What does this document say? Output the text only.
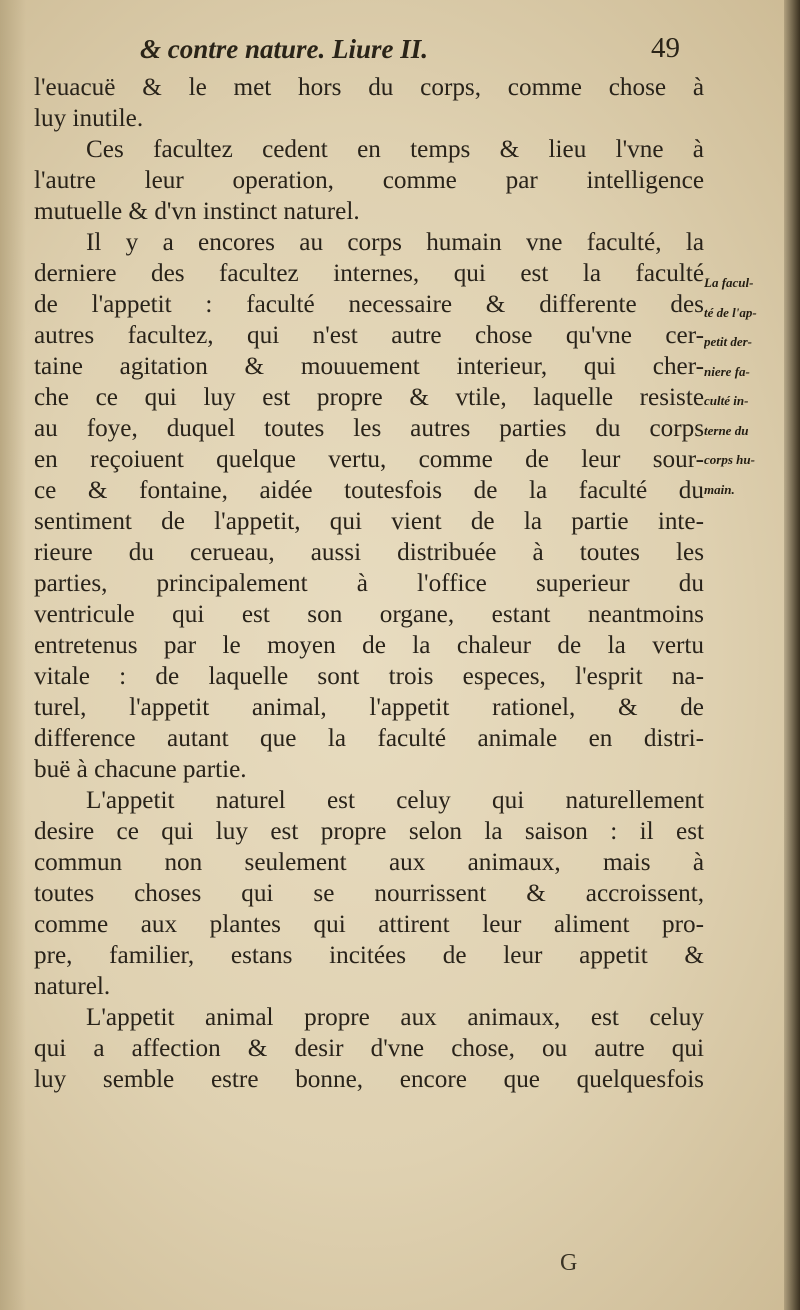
& contre nature. Liure II.	49
l'euacuë & le met hors du corps, comme chose à
luy inutile.
Ces facultez cedent en temps & lieu l'vne à
l'autre leur operation, comme par intelligence
mutuelle & d'vn instinct naturel.
Il y a encores au corps humain vne faculté, la
derniere des facultez internes, qui est la faculté
de l'appetit : faculté necessaire & differente des
autres facultez, qui n'est autre chose qu'vne cer-
taine agitation & mouuement interieur, qui cher-
che ce qui luy est propre & vtile, laquelle resiste
au foye, duquel toutes les autres parties du corps
en reçoiuent quelque vertu, comme de leur sour-
ce & fontaine, aidée toutesfois de la faculté du
sentiment de l'appetit, qui vient de la partie inte-
rieure du cerueau, aussi distribuée à toutes les
parties, principalement à l'office superieur du
ventricule qui est son organe, estant neantmoins
entretenus par le moyen de la chaleur de la vertu
vitale : de laquelle sont trois especes, l'esprit na-
turel, l'appetit animal, l'appetit rationel, & de
difference autant que la faculté animale en distri-
buë à chacune partie.
L'appetit naturel est celuy qui naturellement
desire ce qui luy est propre selon la saison : il est
commun non seulement aux animaux, mais à
toutes choses qui se nourrissent & accroissent,
comme aux plantes qui attirent leur aliment pro-
pre, familier, estans incitées de leur appetit &
naturel.
L'appetit animal propre aux animaux, est celuy
qui a affection & desir d'vne chose, ou autre qui
luy semble estre bonne, encore que quelquesfois
La facul-
té de l'ap-
petit der-
niere fa-
culté in-
terne du
corps hu-
main.
G
